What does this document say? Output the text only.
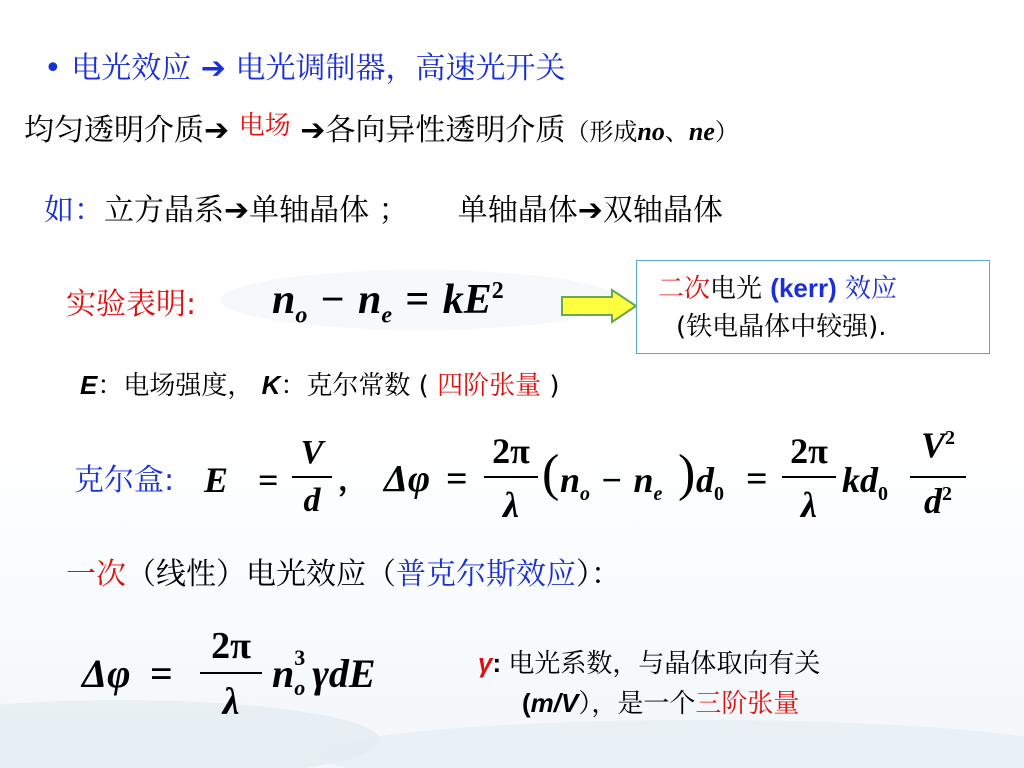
• 电光效应 ➔ 电光调制器，高速光开关
均匀透明介质➔ 电场 ➔各向异性透明介质（形成no、ne）
如：立方晶系➔单轴晶体 ； 单轴晶体➔双轴晶体
实验表明: $n_o - n_e = kE^2$	二次电光 (kerr) 效应
(铁电晶体中较强).
E：电场强度， K：克尔常数 ( 四阶张量 )
克尔盒: E =
V
d
， Δφ =
2π
λ
( $n_o - n_e$ ) $d_0$ =
2π
λ
$kd_0$
$V^2$
$d^2$
一次（线性）电光效应（普克尔斯效应）：
Δφ =
2π
λ
n 3
o γdE	γ: 电光系数，与晶体取向有关
(m/V），是一个三阶张量
